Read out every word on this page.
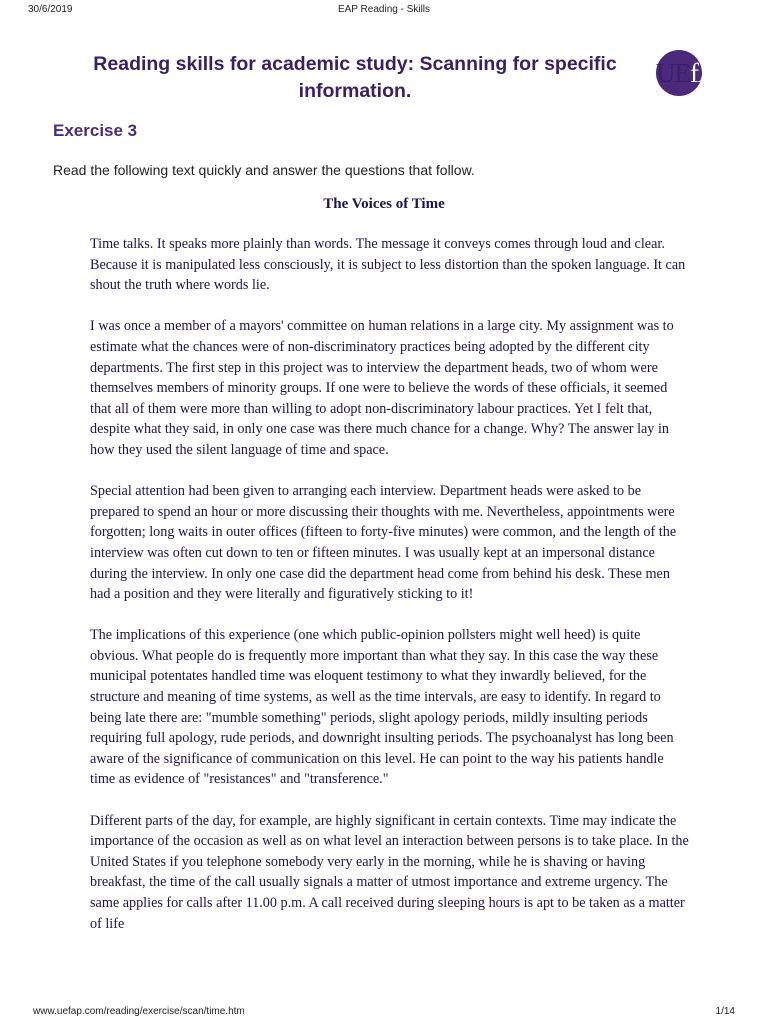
30/6/2019	EAP Reading - Skills
Reading skills for academic study: Scanning for specific information.
UEfAP
Exercise 3
Read the following text quickly and answer the questions that follow.
The Voices of Time

Time talks. It speaks more plainly than words. The message it conveys comes through loud and clear. Because it is manipulated less consciously, it is subject to less distortion than the spoken language. It can shout the truth where words lie.

I was once a member of a mayors' committee on human relations in a large city. My assignment was to estimate what the chances were of non-discriminatory practices being adopted by the different city departments. The first step in this project was to interview the department heads, two of whom were themselves members of minority groups. If one were to believe the words of these officials, it seemed that all of them were more than willing to adopt non-discriminatory labour practices. Yet I felt that, despite what they said, in only one case was there much chance for a change. Why? The answer lay in how they used the silent language of time and space.

Special attention had been given to arranging each interview. Department heads were asked to be prepared to spend an hour or more discussing their thoughts with me. Nevertheless, appointments were forgotten; long waits in outer offices (fifteen to forty-five minutes) were common, and the length of the interview was often cut down to ten or fifteen minutes. I was usually kept at an impersonal distance during the interview. In only one case did the department head come from behind his desk. These men had a position and they were literally and figuratively sticking to it!

The implications of this experience (one which public-opinion pollsters might well heed) is quite obvious. What people do is frequently more important than what they say. In this case the way these municipal potentates handled time was eloquent testimony to what they inwardly believed, for the structure and meaning of time systems, as well as the time intervals, are easy to identify. In regard to being late there are: "mumble something" periods, slight apology periods, mildly insulting periods requiring full apology, rude periods, and downright insulting periods. The psychoanalyst has long been aware of the significance of communication on this level. He can point to the way his patients handle time as evidence of "resistances" and "transference."

Different parts of the day, for example, are highly significant in certain contexts. Time may indicate the importance of the occasion as well as on what level an interaction between persons is to take place. In the United States if you telephone somebody very early in the morning, while he is shaving or having breakfast, the time of the call usually signals a matter of utmost importance and extreme urgency. The same applies for calls after 11.00 p.m. A call received during sleeping hours is apt to be taken as a matter of life

www.uefap.com/reading/exercise/scan/time.htm	1/14
